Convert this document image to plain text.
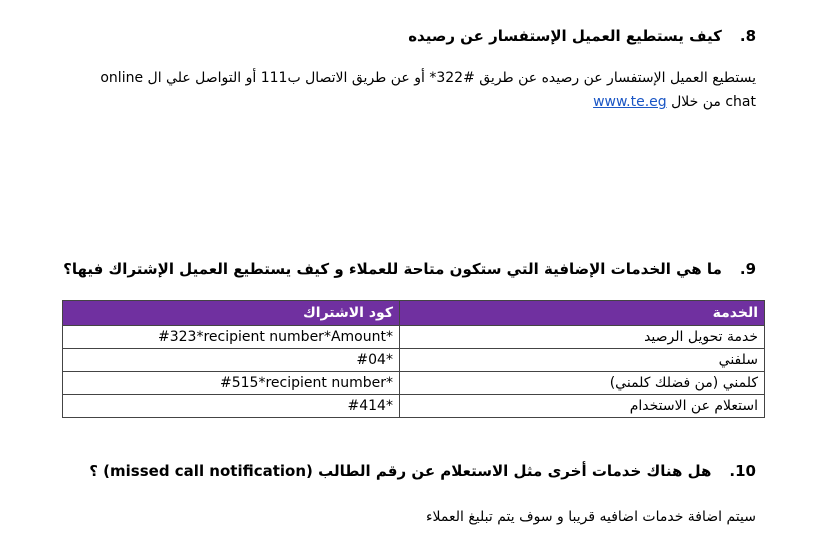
8.كيف يستطيع العميل الإستفسار عن رصيده
يستطيع العميل الإستفسار عن رصيده عن طريق #322* أو عن طريق الاتصال ب111 أو التواصل علي ال online
chat من خلال www.te.eg
9.ما هي الخدمات الإضافية التي ستكون متاحة للعملاء و كيف يستطيع العميل الإشتراك فيها؟
الخدمة	كود الاشتراك
خدمة تحويل الرصيد	#323*recipient number*Amount*
سلفني	#04*
كلمني (من فضلك كلمني)	#515*recipient number*
استعلام عن الاستخدام	#414*
10.هل هناك خدمات أخرى مثل الاستعلام عن رقم الطالب (missed call notification) ؟
سيتم اضافة خدمات اضافيه قريبا و سوف يتم تبليغ العملاء
